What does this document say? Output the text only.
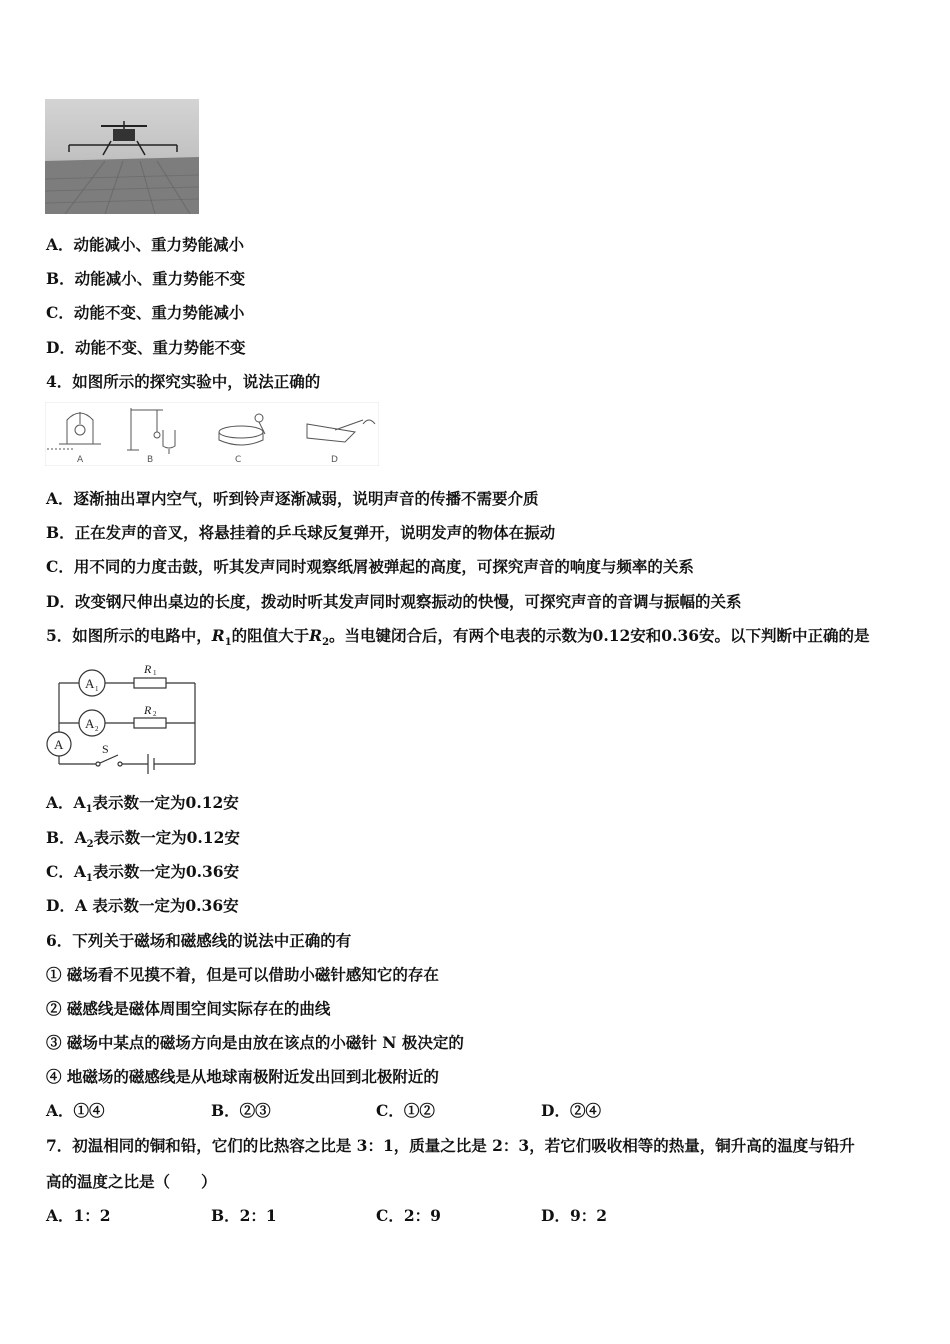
A．动能减小、重力势能减小
B．动能减小、重力势能不变
C．动能不变、重力势能减小
D．动能不变、重力势能不变
4．如图所示的探究实验中，说法正确的
A	B	C	D
A．逐渐抽出罩内空气，听到铃声逐渐减弱，说明声音的传播不需要介质
B．正在发声的音叉，将悬挂着的乒乓球反复弹开，说明发声的物体在振动
C．用不同的力度击鼓，听其发声同时观察纸屑被弹起的高度，可探究声音的响度与频率的关系
D．改变钢尺伸出桌边的长度，拨动时听其发声同时观察振动的快慢，可探究声音的音调与振幅的关系
5．如图所示的电路中，$R_1$的阻值大于$R_2$。当电键闭合后，有两个电表的示数为0.12安和0.36安。以下判断中正确的是
A 1
A 2
A
R 1
R 2
S
A．$A_1$表示数一定为0.12安
B．$A_2$表示数一定为0.12安
C．$A_1$表示数一定为0.36安
D．A 表示数一定为0.36安
6．下列关于磁场和磁感线的说法中正确的有
① 磁场看不见摸不着，但是可以借助小磁针感知它的存在
② 磁感线是磁体周围空间实际存在的曲线
③ 磁场中某点的磁场方向是由放在该点的小磁针 N 极决定的
④ 地磁场的磁感线是从地球南极附近发出回到北极附近的
A．①④	B．②③	C．①②	D．②④
7．初温相同的铜和铅，它们的比热容之比是 3：1，质量之比是 2：3，若它们吸收相等的热量，铜升高的温度与铅升
高的温度之比是（　　）
A．1：2	B．2：1	C．2：9	D．9：2
